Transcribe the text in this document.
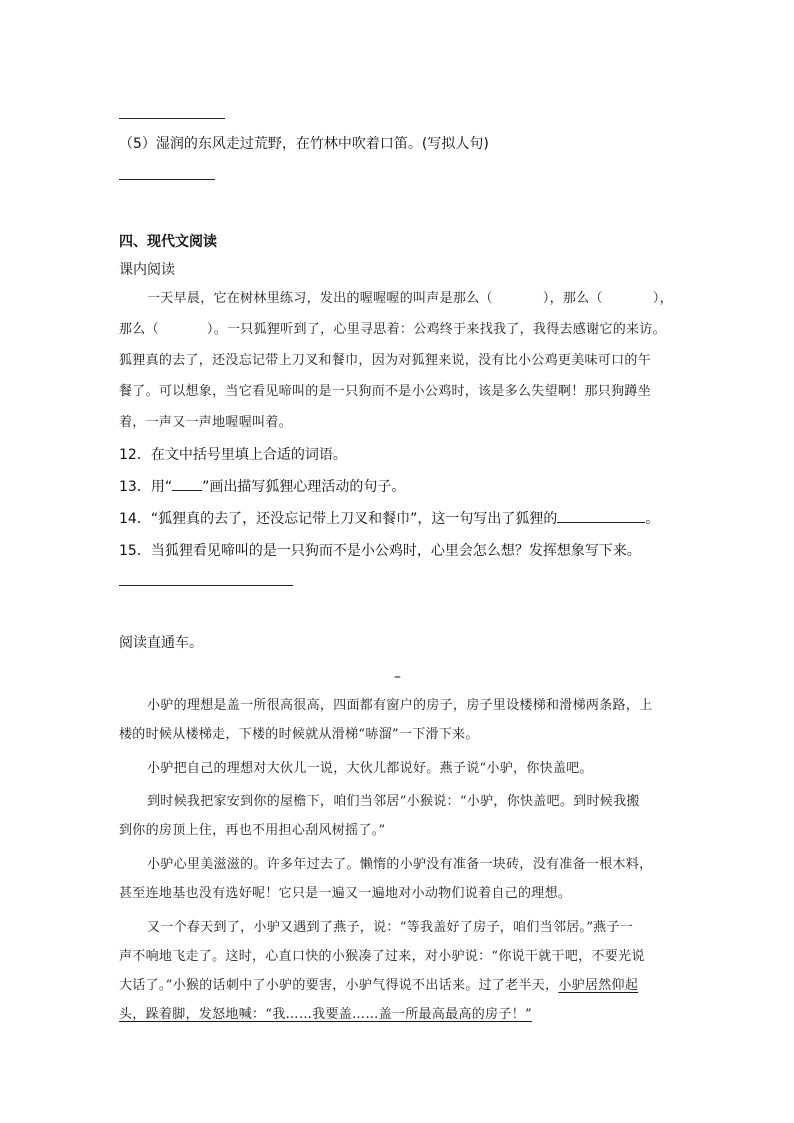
（5）湿润的东风走过荒野，在竹林中吹着口笛。(写拟人句)
四、现代文阅读
课内阅读
一天早晨，它在树林里练习，发出的喔喔喔的叫声是那么（	），那么（	），
那么（	）。一只狐狸听到了，心里寻思着：公鸡终于来找我了，我得去感谢它的来访。
狐狸真的去了，还没忘记带上刀叉和餐巾，因为对狐狸来说，没有比小公鸡更美味可口的午
餐了。可以想象，当它看见啼叫的是一只狗而不是小公鸡时，该是多么失望啊！那只狗蹲坐
着，一声又一声地喔喔叫着。
12．在文中括号里填上合适的词语。
13．用“ ”画出描写狐狸心理活动的句子。
14．“狐狸真的去了，还没忘记带上刀叉和餐巾”，这一句写出了狐狸的	。
15．当狐狸看见啼叫的是一只狗而不是小公鸡时，心里会怎么想？发挥想象写下来。
阅读直通车。
–
小驴的理想是盖一所很高很高，四面都有窗户的房子，房子里设楼梯和滑梯两条路，上
楼的时候从楼梯走，下楼的时候就从滑梯“哧溜”一下滑下来。
小驴把自己的理想对大伙儿一说，大伙儿都说好。燕子说“小驴，你快盖吧。
到时候我把家安到你的屋檐下，咱们当邻居”小猴说：“小驴，你快盖吧。到时候我搬
到你的房顶上住，再也不用担心刮风树摇了。”
小驴心里美滋滋的。许多年过去了。懒惰的小驴没有准备一块砖，没有准备一根木料，
甚至连地基也没有选好呢！它只是一遍又一遍地对小动物们说着自己的理想。
又一个春天到了，小驴又遇到了燕子，说：“等我盖好了房子，咱们当邻居。”燕子一
声不响地飞走了。这时，心直口快的小猴凑了过来，对小驴说：“你说干就干吧，不要光说
大话了。”小猴的话刺中了小驴的要害，小驴气得说不出话来。过了老半天，小驴居然仰起
头，跺着脚，发怒地喊：“我……我要盖……盖一所最高最高的房子！”
